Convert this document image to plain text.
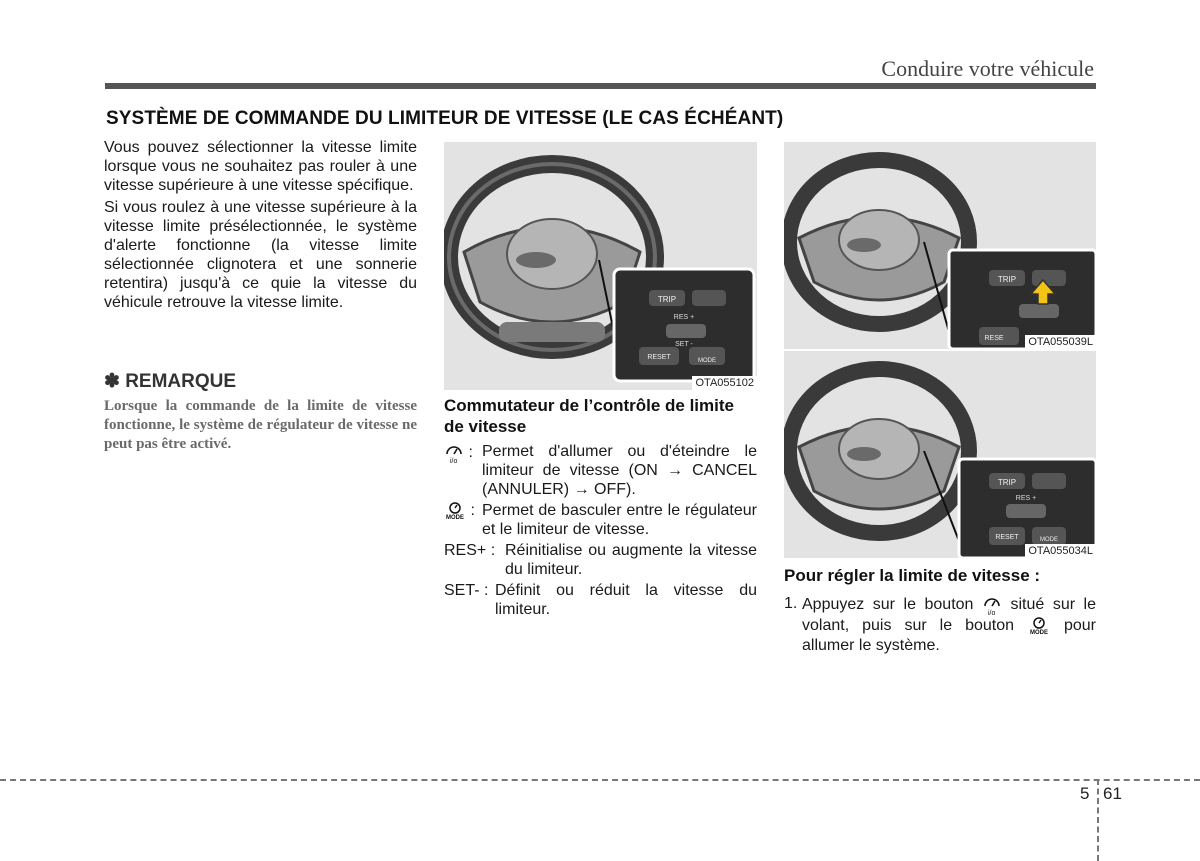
Conduire votre véhicule
SYSTÈME DE COMMANDE DU LIMITEUR DE VITESSE (LE CAS ÉCHÉANT)

Vous pouvez sélectionner la vitesse limite lorsque vous ne souhaitez pas rouler à une vitesse supérieure à une vitesse spécifique.

Si vous roulez à une vitesse supérieure à la vitesse limite présélectionnée, le système d'alerte fonctionne (la vitesse limite sélectionnée clignotera et une sonnerie retentira) jusqu'à ce quie la vitesse du véhicule retrouve la vitesse limite.

✽ REMARQUE
Lorsque la commande de la limite de vitesse fonctionne, le système de régulateur de vitesse ne peut pas être activé.
TRIP
RES +
SET -
RESET	MODE
OTA055102
Commutateur de l’contrôle de limite de vitesse
i/o
: Permet d'allumer ou d'éteindre le limiteur de vitesse (ON → CANCEL (ANNULER) → OFF).
MODE : Permet de basculer entre le régulateur et le limiteur de vitesse.
RES+ : Réinitialise ou augmente la vitesse du limiteur.
SET- : Définit ou réduit la vitesse du limiteur.
TRIP
RESE OTA055039L
TRIP
RES +
RESET	MODE
OTA055034L
Pour régler la limite de vitesse :
1. Appuyez sur le bouton
i/o
situé sur le volant, puis sur le bouton	MODE pour allumer le système.
5 61
